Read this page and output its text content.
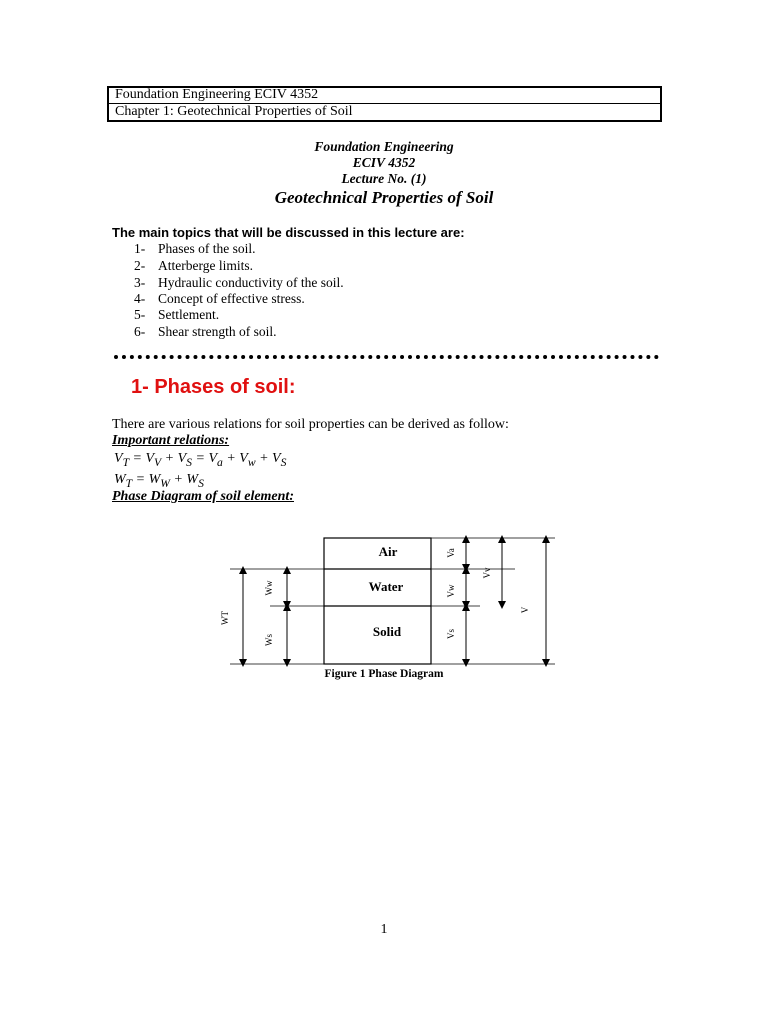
Foundation Engineering ECIV 4352
Chapter 1: Geotechnical Properties of Soil
Foundation Engineering
ECIV 4352
Lecture No. (1)
Geotechnical Properties of Soil
The main topics that will be discussed in this lecture are:
1- Phases of the soil.
2- Atterberge limits.
3- Hydraulic conductivity of the soil.
4- Concept of effective stress.
5- Settlement.
6- Shear strength of soil.
1- Phases of soil:
There are various relations for soil properties can be derived as follow:
Important relations:
$V_T = V_V + V_S = V_a + V_w + V_S$
$W_T = W_W + W_S$
Phase Diagram of soil element:
Air
Water
Solid
WT
Ww
Ws
Va
Vw
Vs
Vv
V
Figure 1 Phase Diagram
1
